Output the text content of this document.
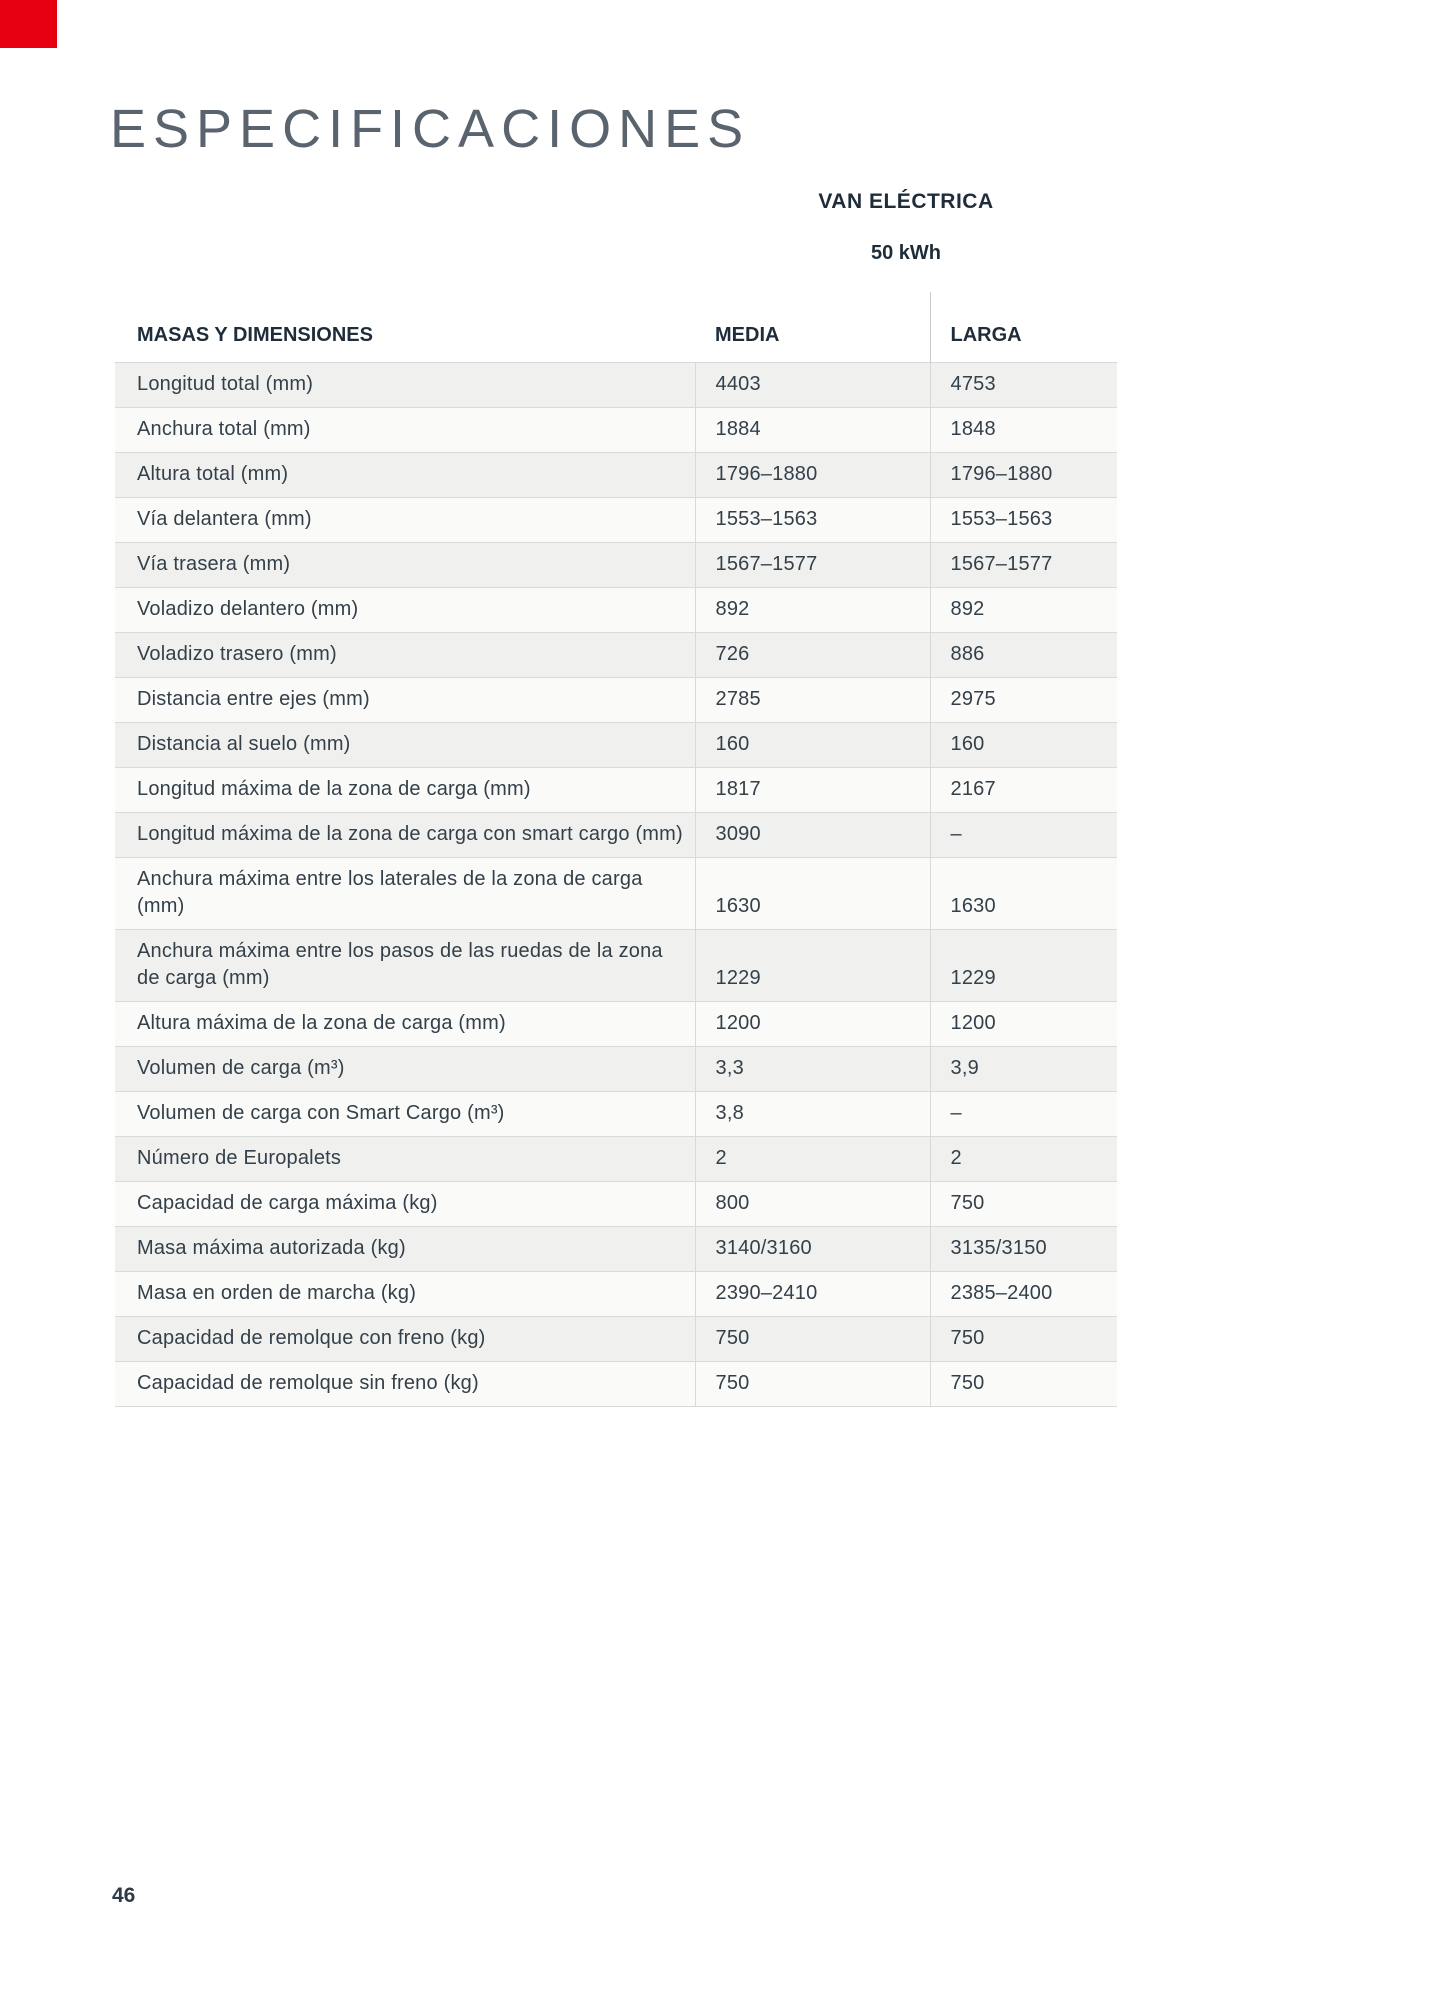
ESPECIFICACIONES
VAN ELÉCTRICA
50 kWh
MASAS Y DIMENSIONES	MEDIA	LARGA
Longitud total (mm)	4403	4753
Anchura total (mm)	1884	1848
Altura total (mm)	1796–1880	1796–1880
Vía delantera (mm)	1553–1563	1553–1563
Vía trasera (mm)	1567–1577	1567–1577
Voladizo delantero (mm)	892	892
Voladizo trasero (mm)	726	886
Distancia entre ejes (mm)	2785	2975
Distancia al suelo (mm)	160	160
Longitud máxima de la zona de carga (mm)	1817	2167
Longitud máxima de la zona de carga con smart cargo (mm)	3090	–
Anchura máxima entre los laterales de la zona de carga (mm)	1630	1630
Anchura máxima entre los pasos de las ruedas de la zona de carga (mm)	1229	1229
Altura máxima de la zona de carga (mm)	1200	1200
Volumen de carga (m³)	3,3	3,9
Volumen de carga con Smart Cargo (m³)	3,8	–
Número de Europalets	2	2
Capacidad de carga máxima (kg)	800	750
Masa máxima autorizada (kg)	3140/3160	3135/3150
Masa en orden de marcha (kg)	2390–2410	2385–2400
Capacidad de remolque con freno (kg)	750	750
Capacidad de remolque sin freno (kg)	750	750
46
